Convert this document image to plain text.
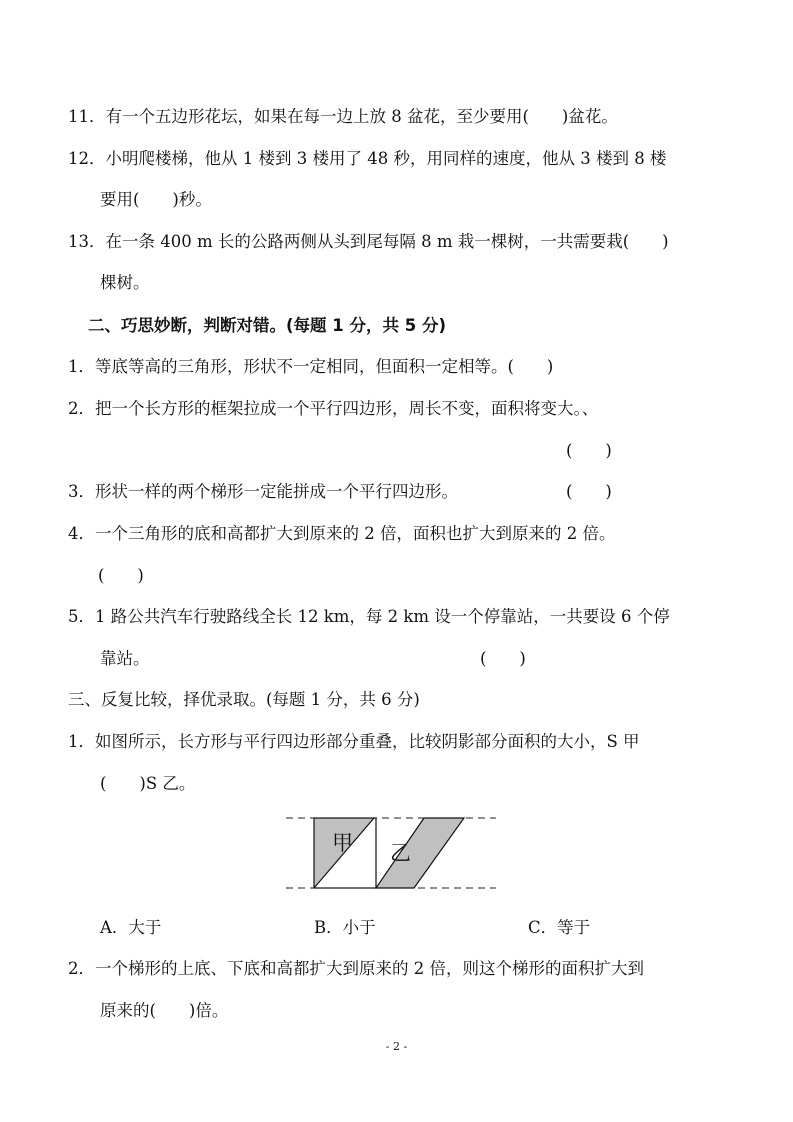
11．有一个五边形花坛，如果在每一边上放 8 盆花，至少要用(　　)盆花。
12．小明爬楼梯，他从 1 楼到 3 楼用了 48 秒，用同样的速度，他从 3 楼到 8 楼
要用(　　)秒。
13．在一条 400 m 长的公路两侧从头到尾每隔 8 m 栽一棵树，一共需要栽(　　)
棵树。
二、巧思妙断，判断对错。(每题 1 分，共 5 分)
1．等底等高的三角形，形状不一定相同，但面积一定相等。(　　)
2．把一个长方形的框架拉成一个平行四边形，周长不变，面积将变大。、
(　　)
3．形状一样的两个梯形一定能拼成一个平行四边形。	(　　)
4．一个三角形的底和高都扩大到原来的 2 倍，面积也扩大到原来的 2 倍。
(　　)
5．1 路公共汽车行驶路线全长 12 km，每 2 km 设一个停靠站，一共要设 6 个停
靠站。	(　　)
三、反复比较，择优录取。(每题 1 分，共 6 分)
1．如图所示，长方形与平行四边形部分重叠，比较阴影部分面积的大小，S 甲
(　　)S 乙。
甲 乙
A．大于	B．小于	C．等于
2．一个梯形的上底、下底和高都扩大到原来的 2 倍，则这个梯形的面积扩大到
原来的(　　)倍。
- 2 -
